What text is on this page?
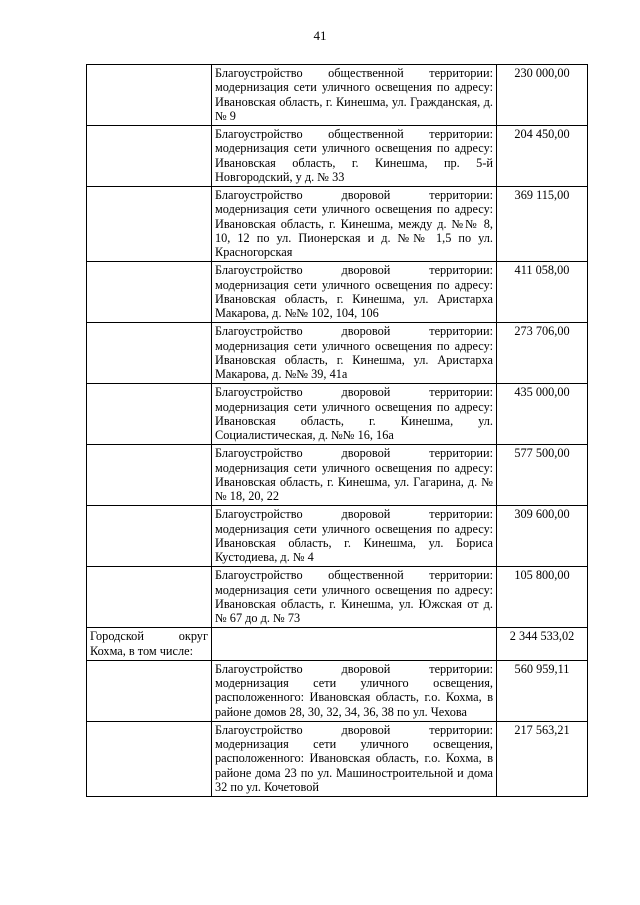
41
	Благоустройство общественной территории: модернизация сети уличного освещения по адресу: Ивановская область, г. Кинешма, ул. Гражданская, д. № 9	230 000,00
	Благоустройство общественной территории: модернизация сети уличного освещения по адресу: Ивановская область, г. Кинешма, пр. 5-й Новгородский, у д. № 33	204 450,00
	Благоустройство дворовой территории: модернизация сети уличного освещения по адресу: Ивановская область, г. Кинешма, между д. №№ 8, 10, 12 по ул. Пионерская и д. №№ 1,5 по ул. Красногорская	369 115,00
	Благоустройство дворовой территории: модернизация сети уличного освещения по адресу: Ивановская область, г. Кинешма, ул. Аристарха Макарова, д. №№ 102, 104, 106	411 058,00
	Благоустройство дворовой территории: модернизация сети уличного освещения по адресу: Ивановская область, г. Кинешма, ул. Аристарха Макарова, д. №№ 39, 41а	273 706,00
	Благоустройство дворовой территории: модернизация сети уличного освещения по адресу: Ивановская область, г. Кинешма, ул. Социалистическая, д. №№ 16, 16а	435 000,00
	Благоустройство дворовой территории: модернизация сети уличного освещения по адресу: Ивановская область, г. Кинешма, ул. Гагарина, д. №№ 18, 20, 22	577 500,00
	Благоустройство дворовой территории: модернизация сети уличного освещения по адресу: Ивановская область, г. Кинешма, ул. Бориса Кустодиева, д. № 4	309 600,00
	Благоустройство общественной территории: модернизация сети уличного освещения по адресу: Ивановская область, г. Кинешма, ул. Южская от д. № 67 до д. № 73	105 800,00
Городской округ Кохма, в том числе:		2 344 533,02
	Благоустройство дворовой территории: модернизация сети уличного освещения, расположенного: Ивановская область, г.о. Кохма, в районе домов 28, 30, 32, 34, 36, 38 по ул. Чехова	560 959,11
	Благоустройство дворовой территории: модернизация сети уличного освещения, расположенного: Ивановская область, г.о. Кохма, в районе дома 23 по ул. Машиностроительной и дома 32 по ул. Кочетовой	217 563,21
